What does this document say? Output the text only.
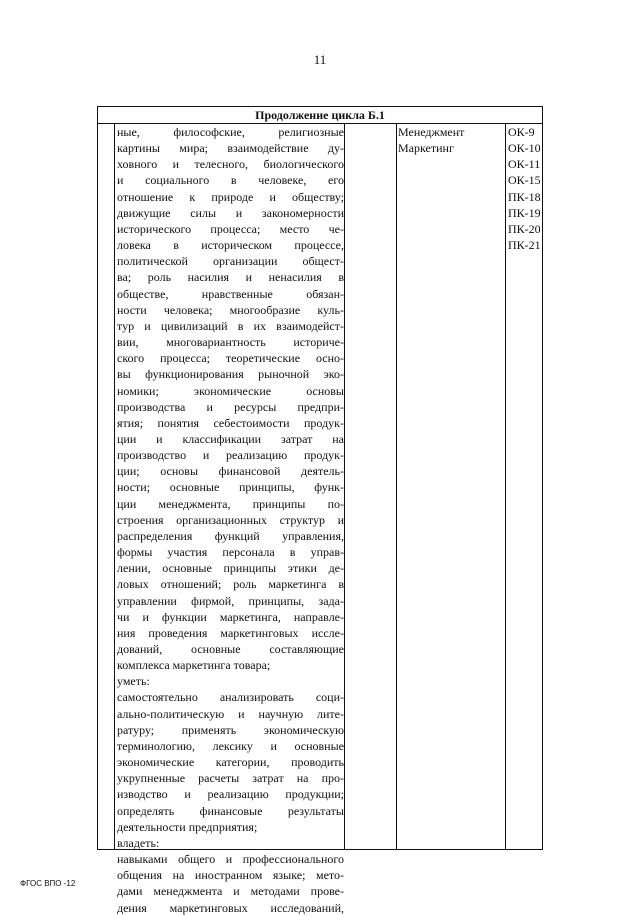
11
Продолжение цикла Б.1
ные, философские, религиозные
картины мира; взаимодействие ду-
ховного и телесного, биологического
и социального в человеке, его
отношение к природе и обществу;
движущие силы и закономерности
исторического процесса; место че-
ловека в историческом процессе,
политической организации общест-
ва; роль насилия и ненасилия в
обществе, нравственные обязан-
ности человека; многообразие куль-
тур и цивилизаций в их взаимодейст-
вии, многовариантность историче-
ского процесса; теоретические осно-
вы функционирования рыночной эко-
номики; экономические основы
производства и ресурсы предпри-
ятия; понятия себестоимости продук-
ции и классификации затрат на
производство и реализацию продук-
ции; основы финансовой деятель-
ности; основные принципы, функ-
ции менеджмента, принципы по-
строения организационных структур и
распределения функций управления,
формы участия персонала в управ-
лении, основные принципы этики де-
ловых отношений; роль маркетинга в
управлении фирмой, принципы, зада-
чи и функции маркетинга, направле-
ния проведения маркетинговых иссле-
дований, основные составляющие
комплекса маркетинга товара;
уметь:
самостоятельно анализировать соци-
ально-политическую и научную лите-
ратуру; применять экономическую
терминологию, лексику и основные
экономические категории, проводить
укрупненные расчеты затрат на про-
изводство и реализацию продукции;
определять финансовые результаты
деятельности предприятия;
владеть:
навыками общего и профессионального
общения на иностранном языке; мето-
дами менеджмента и методами прове-
дения маркетинговых исследований,
Менеджмент
Маркетинг
ОК-9
ОК-10
ОК-11
ОК-15
ПК-18
ПК-19
ПК-20
ПК-21
ФГОС ВПО -12
